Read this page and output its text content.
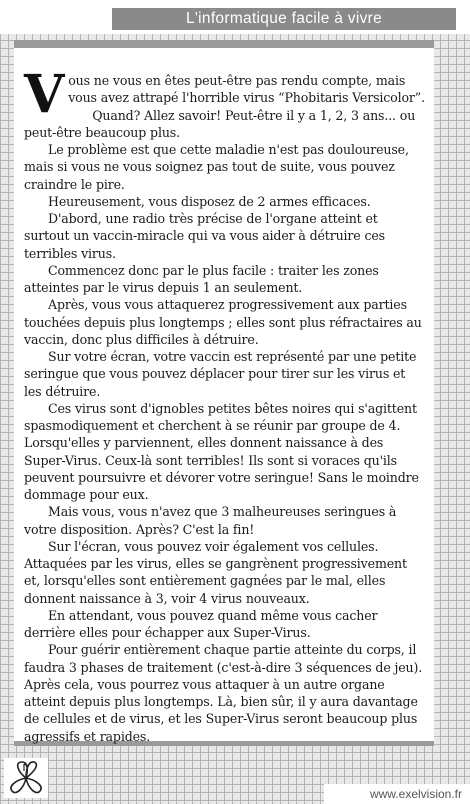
L'informatique facile à vivre

Vous ne vous en êtes peut-être pas rendu compte, mais vous avez attrapé l'horrible virus “Phobitaris Versicolor”.

Quand? Allez savoir! Peut-être il y a 1, 2, 3 ans... ou peut-être beaucoup plus.

Le problème est que cette maladie n'est pas douloureuse, mais si vous ne vous soignez pas tout de suite, vous pouvez craindre le pire.

Heureusement, vous disposez de 2 armes efficaces.

D'abord, une radio très précise de l'organe atteint et surtout un vaccin-miracle qui va vous aider à détruire ces terribles virus.

Commencez donc par le plus facile : traiter les zones atteintes par le virus depuis 1 an seulement.

Après, vous vous attaquerez progressivement aux parties touchées depuis plus longtemps ; elles sont plus réfractaires au vaccin, donc plus difficiles à détruire.

Sur votre écran, votre vaccin est représenté par une petite seringue que vous pouvez déplacer pour tirer sur les virus et les détruire.

Ces virus sont d'ignobles petites bêtes noires qui s'agittent spasmodiquement et cherchent à se réunir par groupe de 4. Lorsqu'elles y parviennent, elles donnent naissance à des Super-Virus. Ceux-là sont terribles! Ils sont si voraces qu'ils peuvent poursuivre et dévorer votre seringue! Sans le moindre dommage pour eux.

Mais vous, vous n'avez que 3 malheureuses seringues à votre disposition. Après? C'est la fin!

Sur l'écran, vous pouvez voir également vos cellules. Attaquées par les virus, elles se gangrènent progressivement et, lorsqu'elles sont entièrement gagnées par le mal, elles donnent naissance à 3, voir 4 virus nouveaux.

En attendant, vous pouvez quand même vous cacher derrière elles pour échapper aux Super-Virus.

Pour guérir entièrement chaque partie atteinte du corps, il faudra 3 phases de traitement (c'est-à-dire 3 séquences de jeu). Après cela, vous pourrez vous attaquer à un autre organe atteint depuis plus longtemps. Là, bien sûr, il y aura davantage de cellules et de virus, et les Super-Virus seront beaucoup plus agressifs et rapides.

www.exelvision.fr
